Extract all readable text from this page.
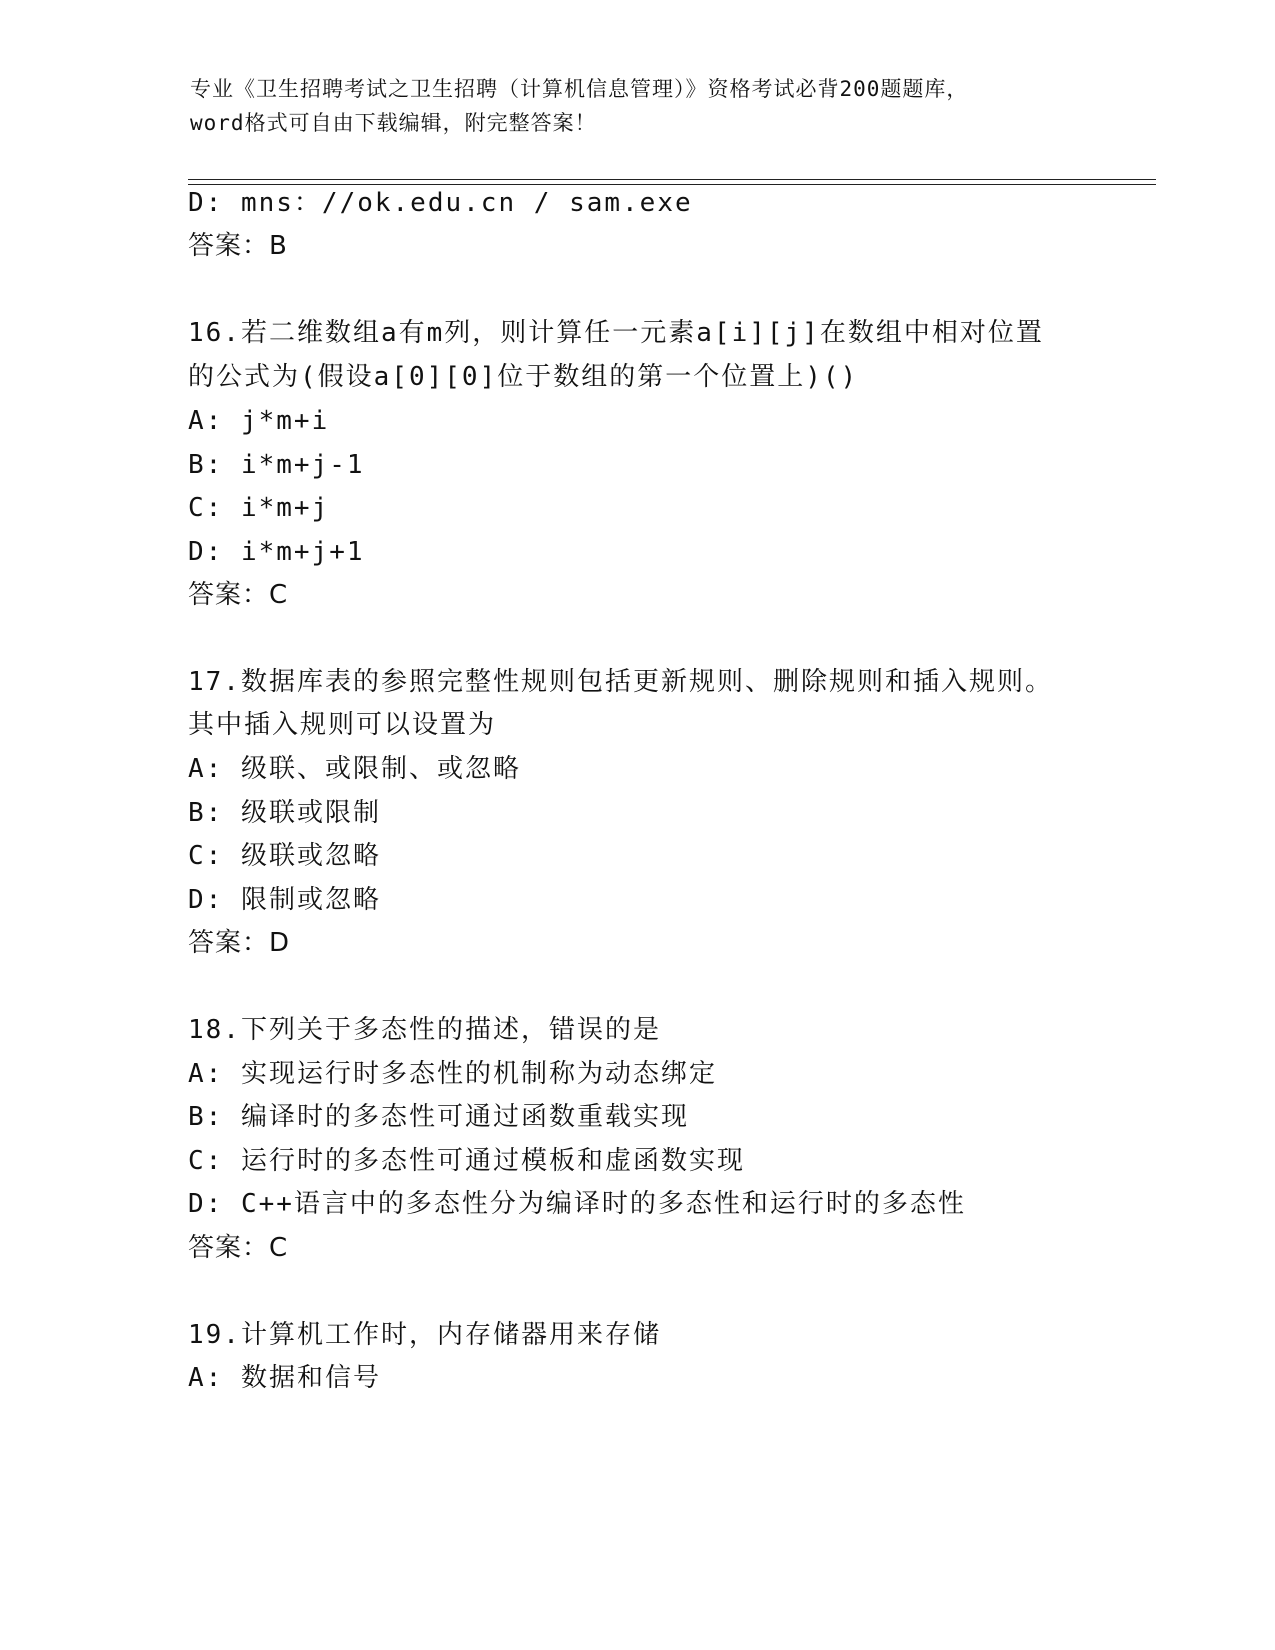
专业《卫生招聘考试之卫生招聘（计算机信息管理）》资格考试必背200题题库，
word格式可自由下载编辑，附完整答案！
D: mns：//ok.edu.cn / sam.exe
答案：B
16.若二维数组a有m列，则计算任一元素a[i][j]在数组中相对位置
的公式为(假设a[0][0]位于数组的第一个位置上)()
A: j*m+i
B: i*m+j-1
C: i*m+j
D: i*m+j+1
答案：C
17.数据库表的参照完整性规则包括更新规则、删除规则和插入规则。
其中插入规则可以设置为
A: 级联、或限制、或忽略
B: 级联或限制
C: 级联或忽略
D: 限制或忽略
答案：D
18.下列关于多态性的描述，错误的是
A: 实现运行时多态性的机制称为动态绑定
B: 编译时的多态性可通过函数重载实现
C: 运行时的多态性可通过模板和虚函数实现
D: C++语言中的多态性分为编译时的多态性和运行时的多态性
答案：C
19.计算机工作时，内存储器用来存储
A: 数据和信号
